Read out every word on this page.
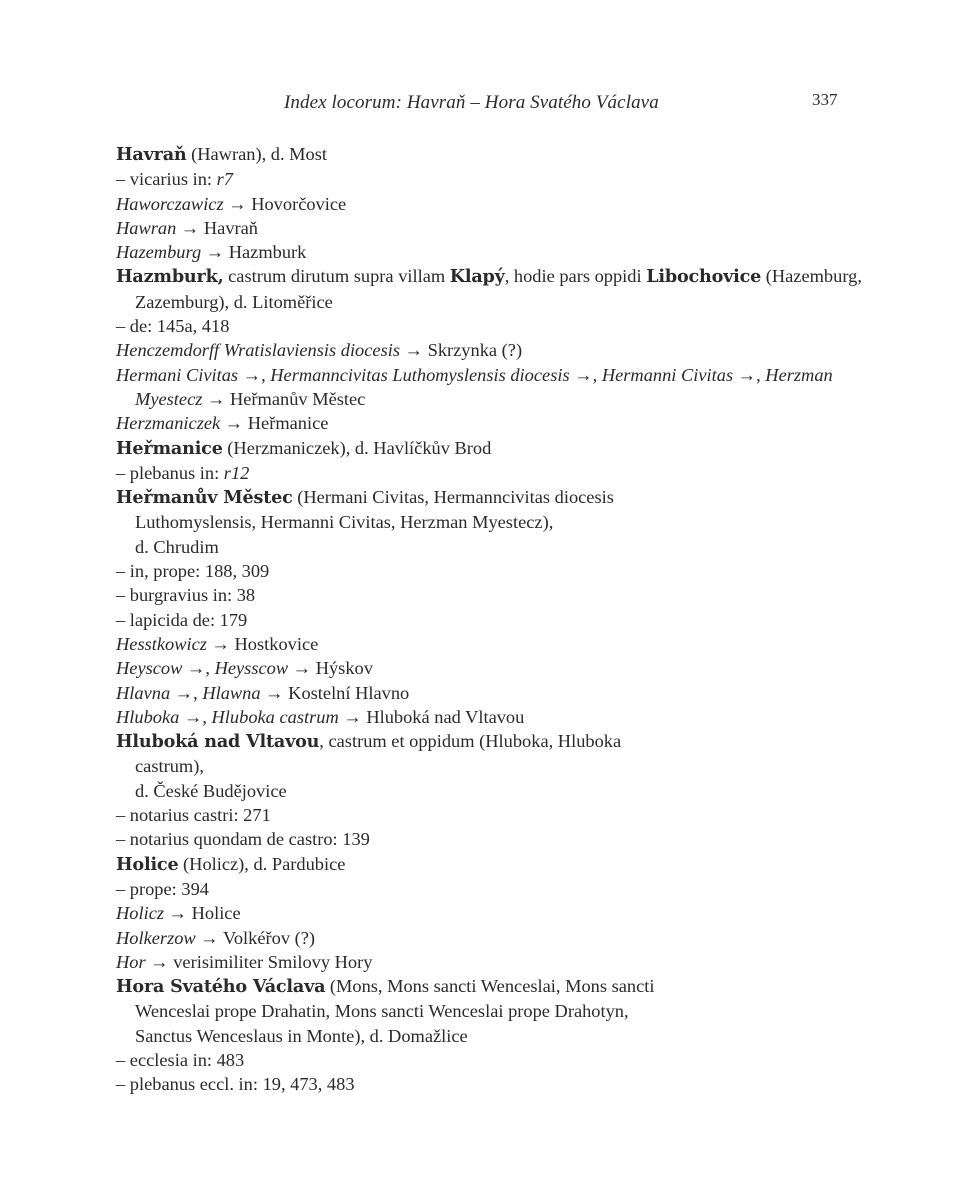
Index locorum: Havraň – Hora Svatého Václava	337
Havraň (Hawran), d. Most
– vicarius in: r7
Haworczawicz → Hovorčovice
Hawran → Havraň
Hazemburg → Hazmburk
Hazmburk, castrum dirutum supra villam Klapý, hodie pars oppidi Libochovice (Hazemburg, Zazemburg), d. Litoměřice
– de: 145a, 418
Henczemdorff Wratislaviensis diocesis → Skrzynka (?)
Hermani Civitas →, Hermanncivitas Luthomyslensis diocesis →, Hermanni Civitas →, Herzman Myestecz → Heřmanův Městec
Herzmaniczek → Heřmanice
Heřmanice (Herzmaniczek), d. Havlíčkův Brod
– plebanus in: r12
Heřmanův Městec (Hermani Civitas, Hermanncivitas diocesis
Luthomyslensis, Hermanni Civitas, Herzman Myestecz),
d. Chrudim
– in, prope: 188, 309
– burgravius in: 38
– lapicida de: 179
Hesstkowicz → Hostkovice
Heyscow →, Heysscow → Hýskov
Hlavna →, Hlawna → Kostelní Hlavno
Hluboka →, Hluboka castrum → Hluboká nad Vltavou
Hluboká nad Vltavou, castrum et oppidum (Hluboka, Hluboka
castrum),
d. České Budějovice
– notarius castri: 271
– notarius quondam de castro: 139
Holice (Holicz), d. Pardubice
– prope: 394
Holicz → Holice
Holkerzow → Volkéřov (?)
Hor → verisimiliter Smilovy Hory
Hora Svatého Václava (Mons, Mons sancti Wenceslai, Mons sancti
Wenceslai prope Drahatin, Mons sancti Wenceslai prope Drahotyn,
Sanctus Wenceslaus in Monte), d. Domažlice
– ecclesia in: 483
– plebanus eccl. in: 19, 473, 483
